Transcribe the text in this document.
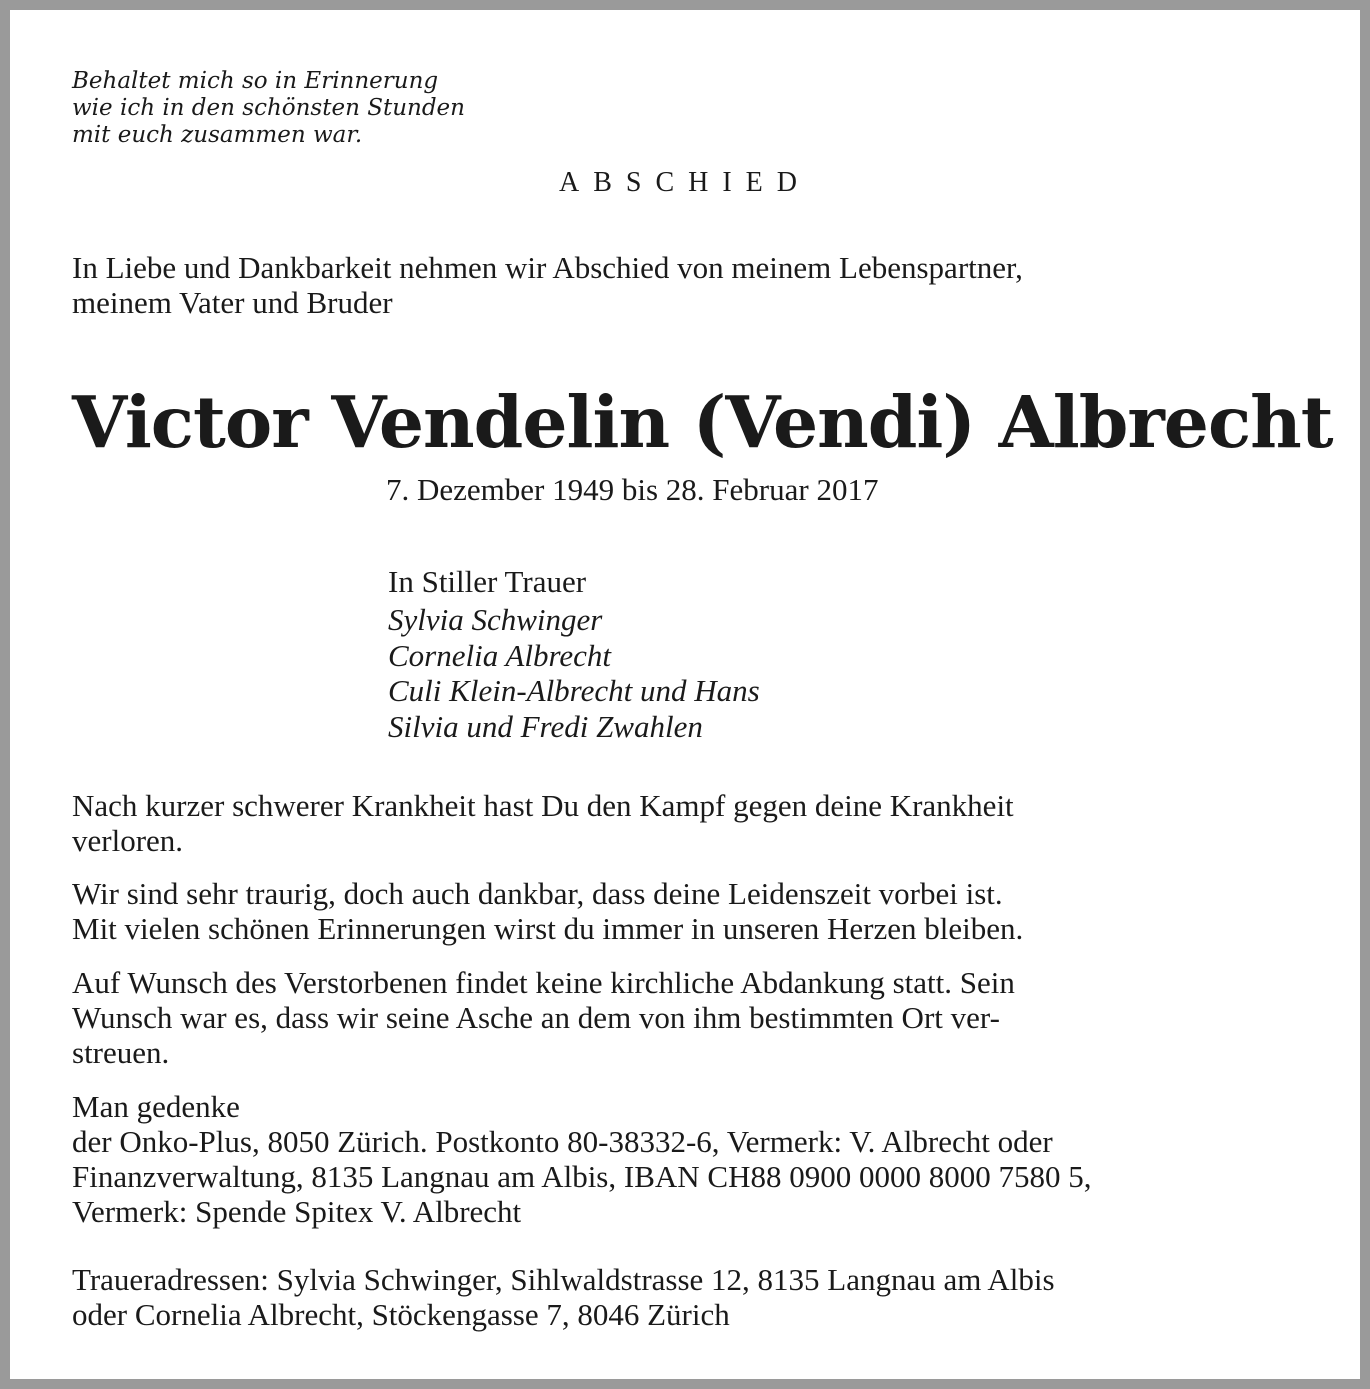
Behaltet mich so in Erinnerung
wie ich in den schönsten Stunden
mit euch zusammen war.
ABSCHIED
In Liebe und Dankbarkeit nehmen wir Abschied von meinem Lebenspartner,
meinem Vater und Bruder
Victor Vendelin (Vendi) Albrecht
7. Dezember 1949 bis 28. Februar 2017
In Stiller Trauer
Sylvia Schwinger
Cornelia Albrecht
Culi Klein-Albrecht und Hans
Silvia und Fredi Zwahlen
Nach kurzer schwerer Krankheit hast Du den Kampf gegen deine Krankheit
verloren.
Wir sind sehr traurig, doch auch dankbar, dass deine Leidenszeit vorbei ist.
Mit vielen schönen Erinnerungen wirst du immer in unseren Herzen bleiben.
Auf Wunsch des Verstorbenen findet keine kirchliche Abdankung statt. Sein
Wunsch war es, dass wir seine Asche an dem von ihm bestimmten Ort ver-
streuen.
Man gedenke
der Onko-Plus, 8050 Zürich. Postkonto 80-38332-6, Vermerk: V. Albrecht oder
Finanzverwaltung, 8135 Langnau am Albis, IBAN CH88 0900 0000 8000 7580 5,
Vermerk: Spende Spitex V. Albrecht
Traueradressen: Sylvia Schwinger, Sihlwaldstrasse 12, 8135 Langnau am Albis
oder Cornelia Albrecht, Stöckengasse 7, 8046 Zürich
